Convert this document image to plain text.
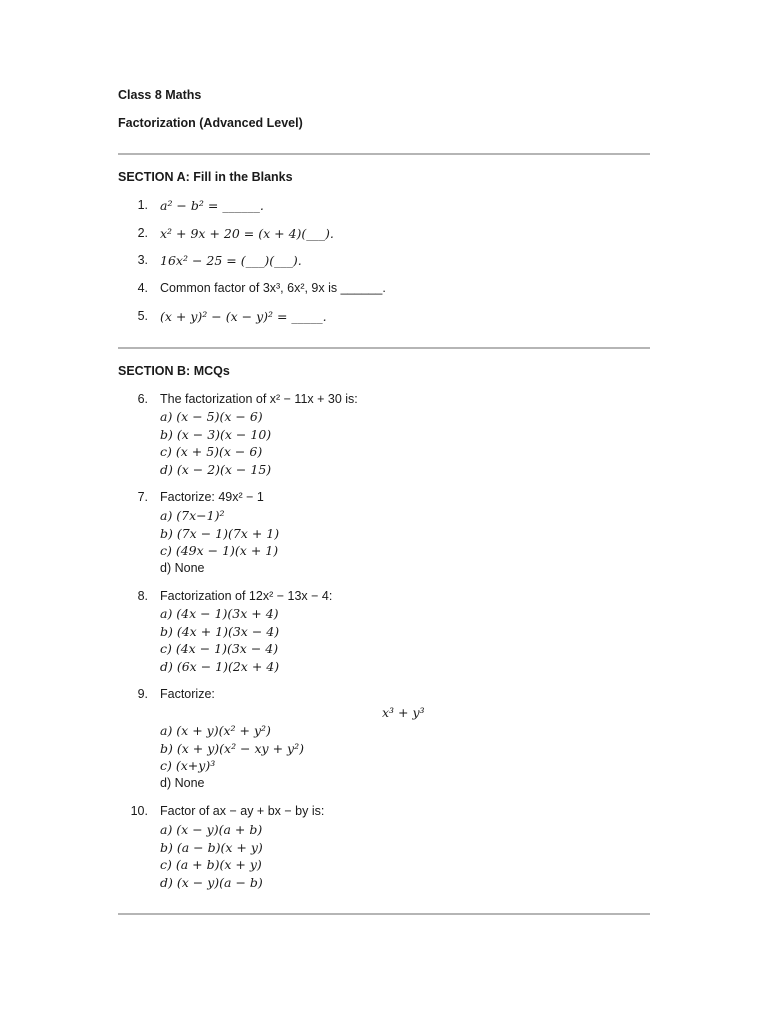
Class 8 Maths
Factorization (Advanced Level)
SECTION A: Fill in the Blanks
1. a² − b² = ______.
2. x² + 9x + 20 = (x + 4)(___).
3. 16x² − 25 = (___)(___).
4. Common factor of 3x³, 6x², 9x is ______.
5. (x + y)² − (x − y)² = _____.
SECTION B: MCQs
6. The factorization of x² − 11x + 30 is:
a) (x − 5)(x − 6)
b) (x − 3)(x − 10)
c) (x + 5)(x − 6)
d) (x − 2)(x − 15)
7. Factorize: 49x² − 1
a) (7x−1)²
b) (7x − 1)(7x + 1)
c) (49x − 1)(x + 1)
d) None
8. Factorization of 12x² − 13x − 4:
a) (4x − 1)(3x + 4)
b) (4x + 1)(3x − 4)
c) (4x − 1)(3x − 4)
d) (6x − 1)(2x + 4)
9. Factorize:
x³ + y³
a) (x + y)(x² + y²)
b) (x + y)(x² − xy + y²)
c) (x+y)³
d) None
10. Factor of ax − ay + bx − by is:
a) (x − y)(a + b)
b) (a − b)(x + y)
c) (a + b)(x + y)
d) (x − y)(a − b)
